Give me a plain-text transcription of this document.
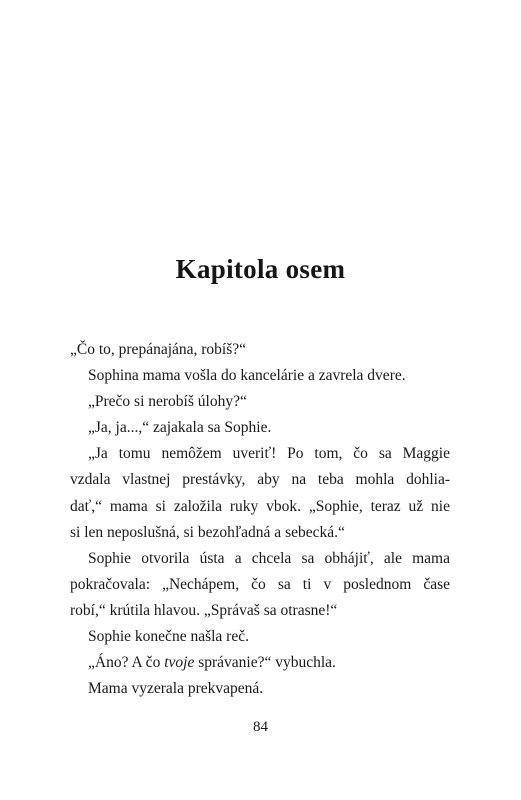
Kapitola osem
„Čo to, prepánajána, robíš?“
Sophina mama vošla do kancelárie a zavrela dvere.
„Prečo si nerobíš úlohy?“
„Ja, ja...,“ zajakala sa Sophie.
„Ja tomu nemôžem uveriť! Po tom, čo sa Maggie
vzdala vlastnej prestávky, aby na teba mohla dohlia-
dať,“ mama si založila ruky vbok. „Sophie, teraz už nie
si len neposlušná, si bezohľadná a sebecká.“
Sophie otvorila ústa a chcela sa obhájiť, ale mama
pokračovala: „Nechápem, čo sa ti v poslednom čase
robí,“ krútila hlavou. „Správaš sa otrasne!“
Sophie konečne našla reč.
„Áno? A čo tvoje správanie?“ vybuchla.
Mama vyzerala prekvapená.
84
